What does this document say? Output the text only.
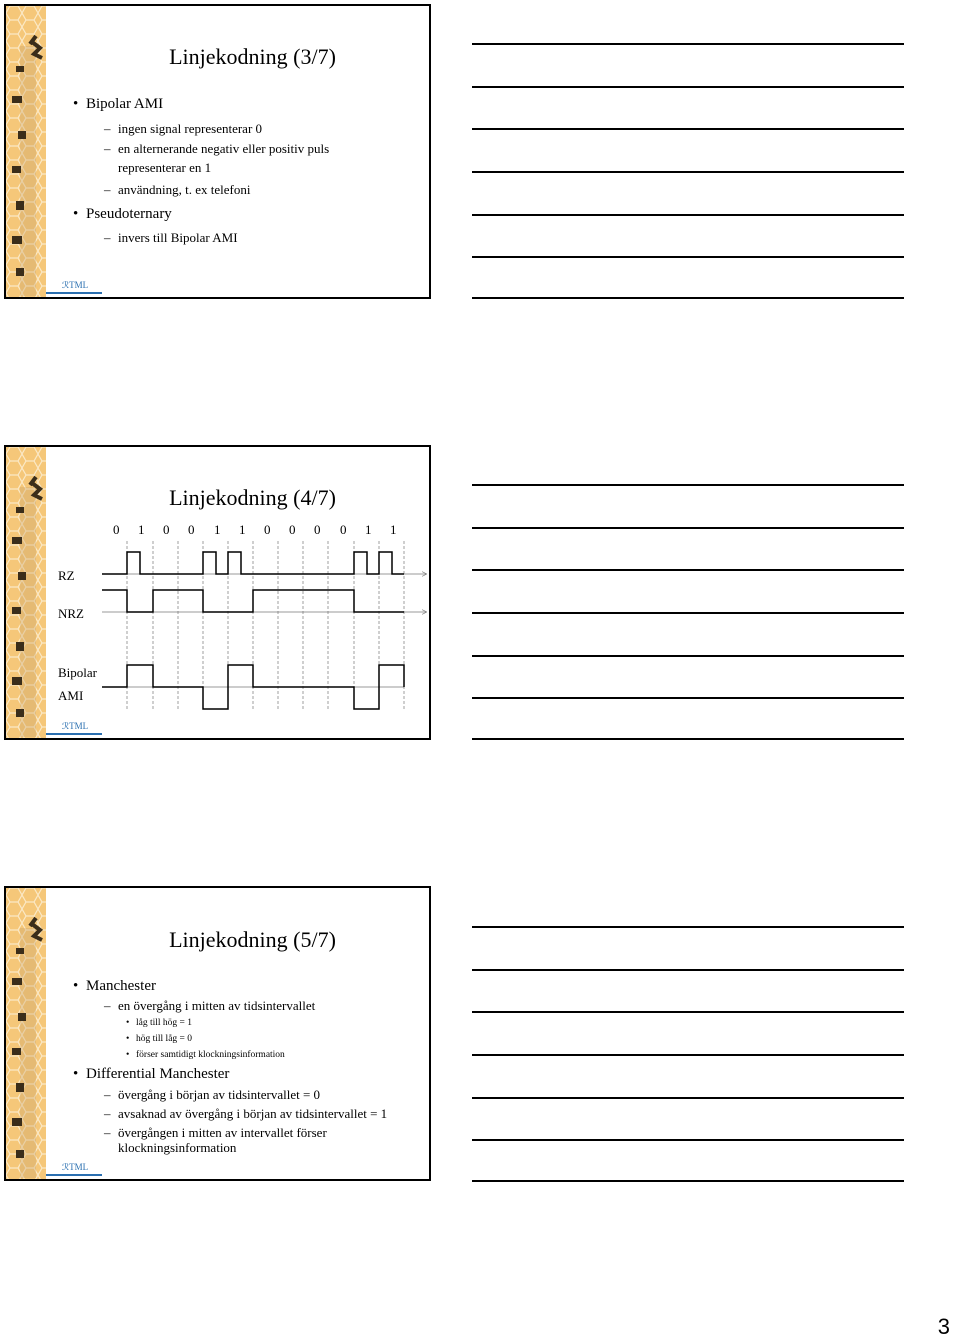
ℛTML
Linjekodning (3/7)
• Bipolar AMI
– ingen signal representerar 0
– en alternerande negativ eller positiv puls
representerar en 1
– användning, t. ex telefoni
• Pseudoternary
– invers till Bipolar AMI
ℛTML
Linjekodning (4/7)
0 1 0 0 1 1 0 0 0 0 1 1
RZ
NRZ
Bipolar
AMI
ℛTML
Linjekodning (5/7)
• Manchester
– en övergång i mitten av tidsintervallet
• låg till hög = 1
• hög till låg = 0
• förser samtidigt klockningsinformation
• Differential Manchester
– övergång i början av tidsintervallet = 0
– avsaknad av övergång i början av tidsintervallet = 1
– övergången i mitten av intervallet förser
klockningsinformation
3
